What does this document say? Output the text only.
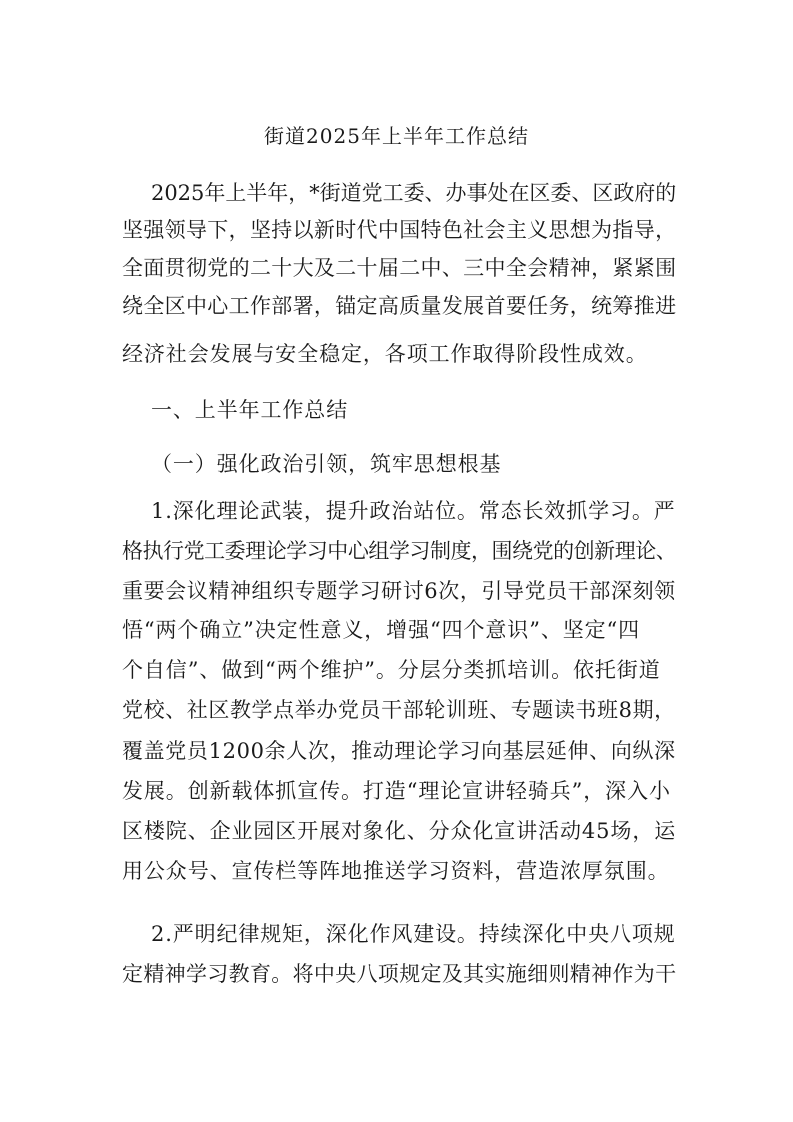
街道2025年上半年工作总结
2025年上半年，*街道党工委、办事处在区委、区政府的
坚强领导下，坚持以新时代中国特色社会主义思想为指导，
全面贯彻党的二十大及二十届二中、三中全会精神，紧紧围
绕全区中心工作部署，锚定高质量发展首要任务，统筹推进
经济社会发展与安全稳定，各项工作取得阶段性成效。
一、上半年工作总结
（一）强化政治引领，筑牢思想根基
1.深化理论武装，提升政治站位。常态长效抓学习。严
格执行党工委理论学习中心组学习制度，围绕党的创新理论、
重要会议精神组织专题学习研讨6次，引导党员干部深刻领
悟“两个确立”决定性意义，增强“四个意识”、坚定“四
个自信”、做到“两个维护”。分层分类抓培训。依托街道
党校、社区教学点举办党员干部轮训班、专题读书班8期，
覆盖党员1200余人次，推动理论学习向基层延伸、向纵深
发展。创新载体抓宣传。打造“理论宣讲轻骑兵”，深入小
区楼院、企业园区开展对象化、分众化宣讲活动45场，运
用公众号、宣传栏等阵地推送学习资料，营造浓厚氛围。
2.严明纪律规矩，深化作风建设。持续深化中央八项规
定精神学习教育。将中央八项规定及其实施细则精神作为干
